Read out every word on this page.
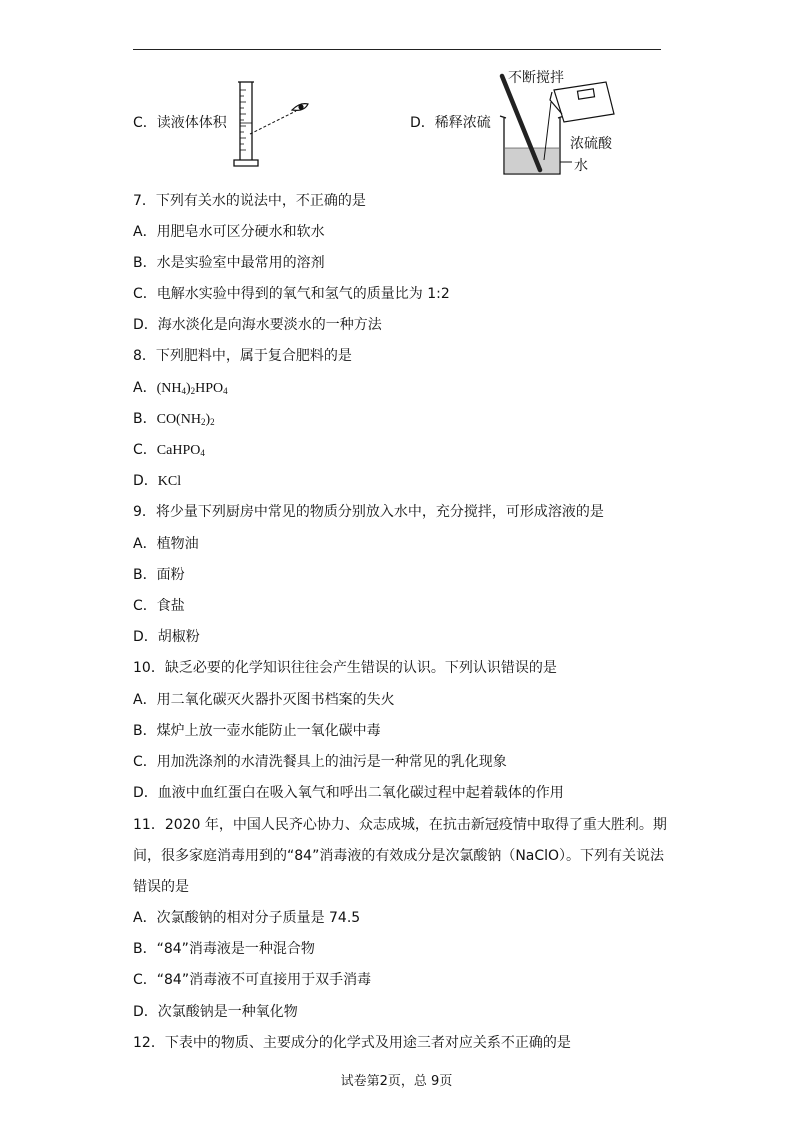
C．读液体体积	D．稀释浓硫
不断搅拌
浓硫酸
水
7．下列有关水的说法中，不正确的是
A．用肥皂水可区分硬水和软水
B．水是实验室中最常用的溶剂
C．电解水实验中得到的氧气和氢气的质量比为 1:2
D．海水淡化是向海水要淡水的一种方法
8．下列肥料中，属于复合肥料的是
A．$(NH_4)_2HPO_4$
B．$CO(NH_2)_2$
C．CaHPO$_4$
D．KCl
9．将少量下列厨房中常见的物质分别放入水中，充分搅拌，可形成溶液的是
A．植物油
B．面粉
C．食盐
D．胡椒粉
10．缺乏必要的化学知识往往会产生错误的认识。下列认识错误的是
A．用二氧化碳灭火器扑灭图书档案的失火
B．煤炉上放一壶水能防止一氧化碳中毒
C．用加洗涤剂的水清洗餐具上的油污是一种常见的乳化现象
D．血液中血红蛋白在吸入氧气和呼出二氧化碳过程中起着载体的作用
11．2020 年，中国人民齐心协力、众志成城，在抗击新冠疫情中取得了重大胜利。期
间，很多家庭消毒用到的“84”消毒液的有效成分是次氯酸钠（NaClO）。下列有关说法
错误的是
A．次氯酸钠的相对分子质量是 74.5
B．“84”消毒液是一种混合物
C．“84”消毒液不可直接用于双手消毒
D．次氯酸钠是一种氧化物
12．下表中的物质、主要成分的化学式及用途三者对应关系不正确的是
试卷第2页，总 9页
